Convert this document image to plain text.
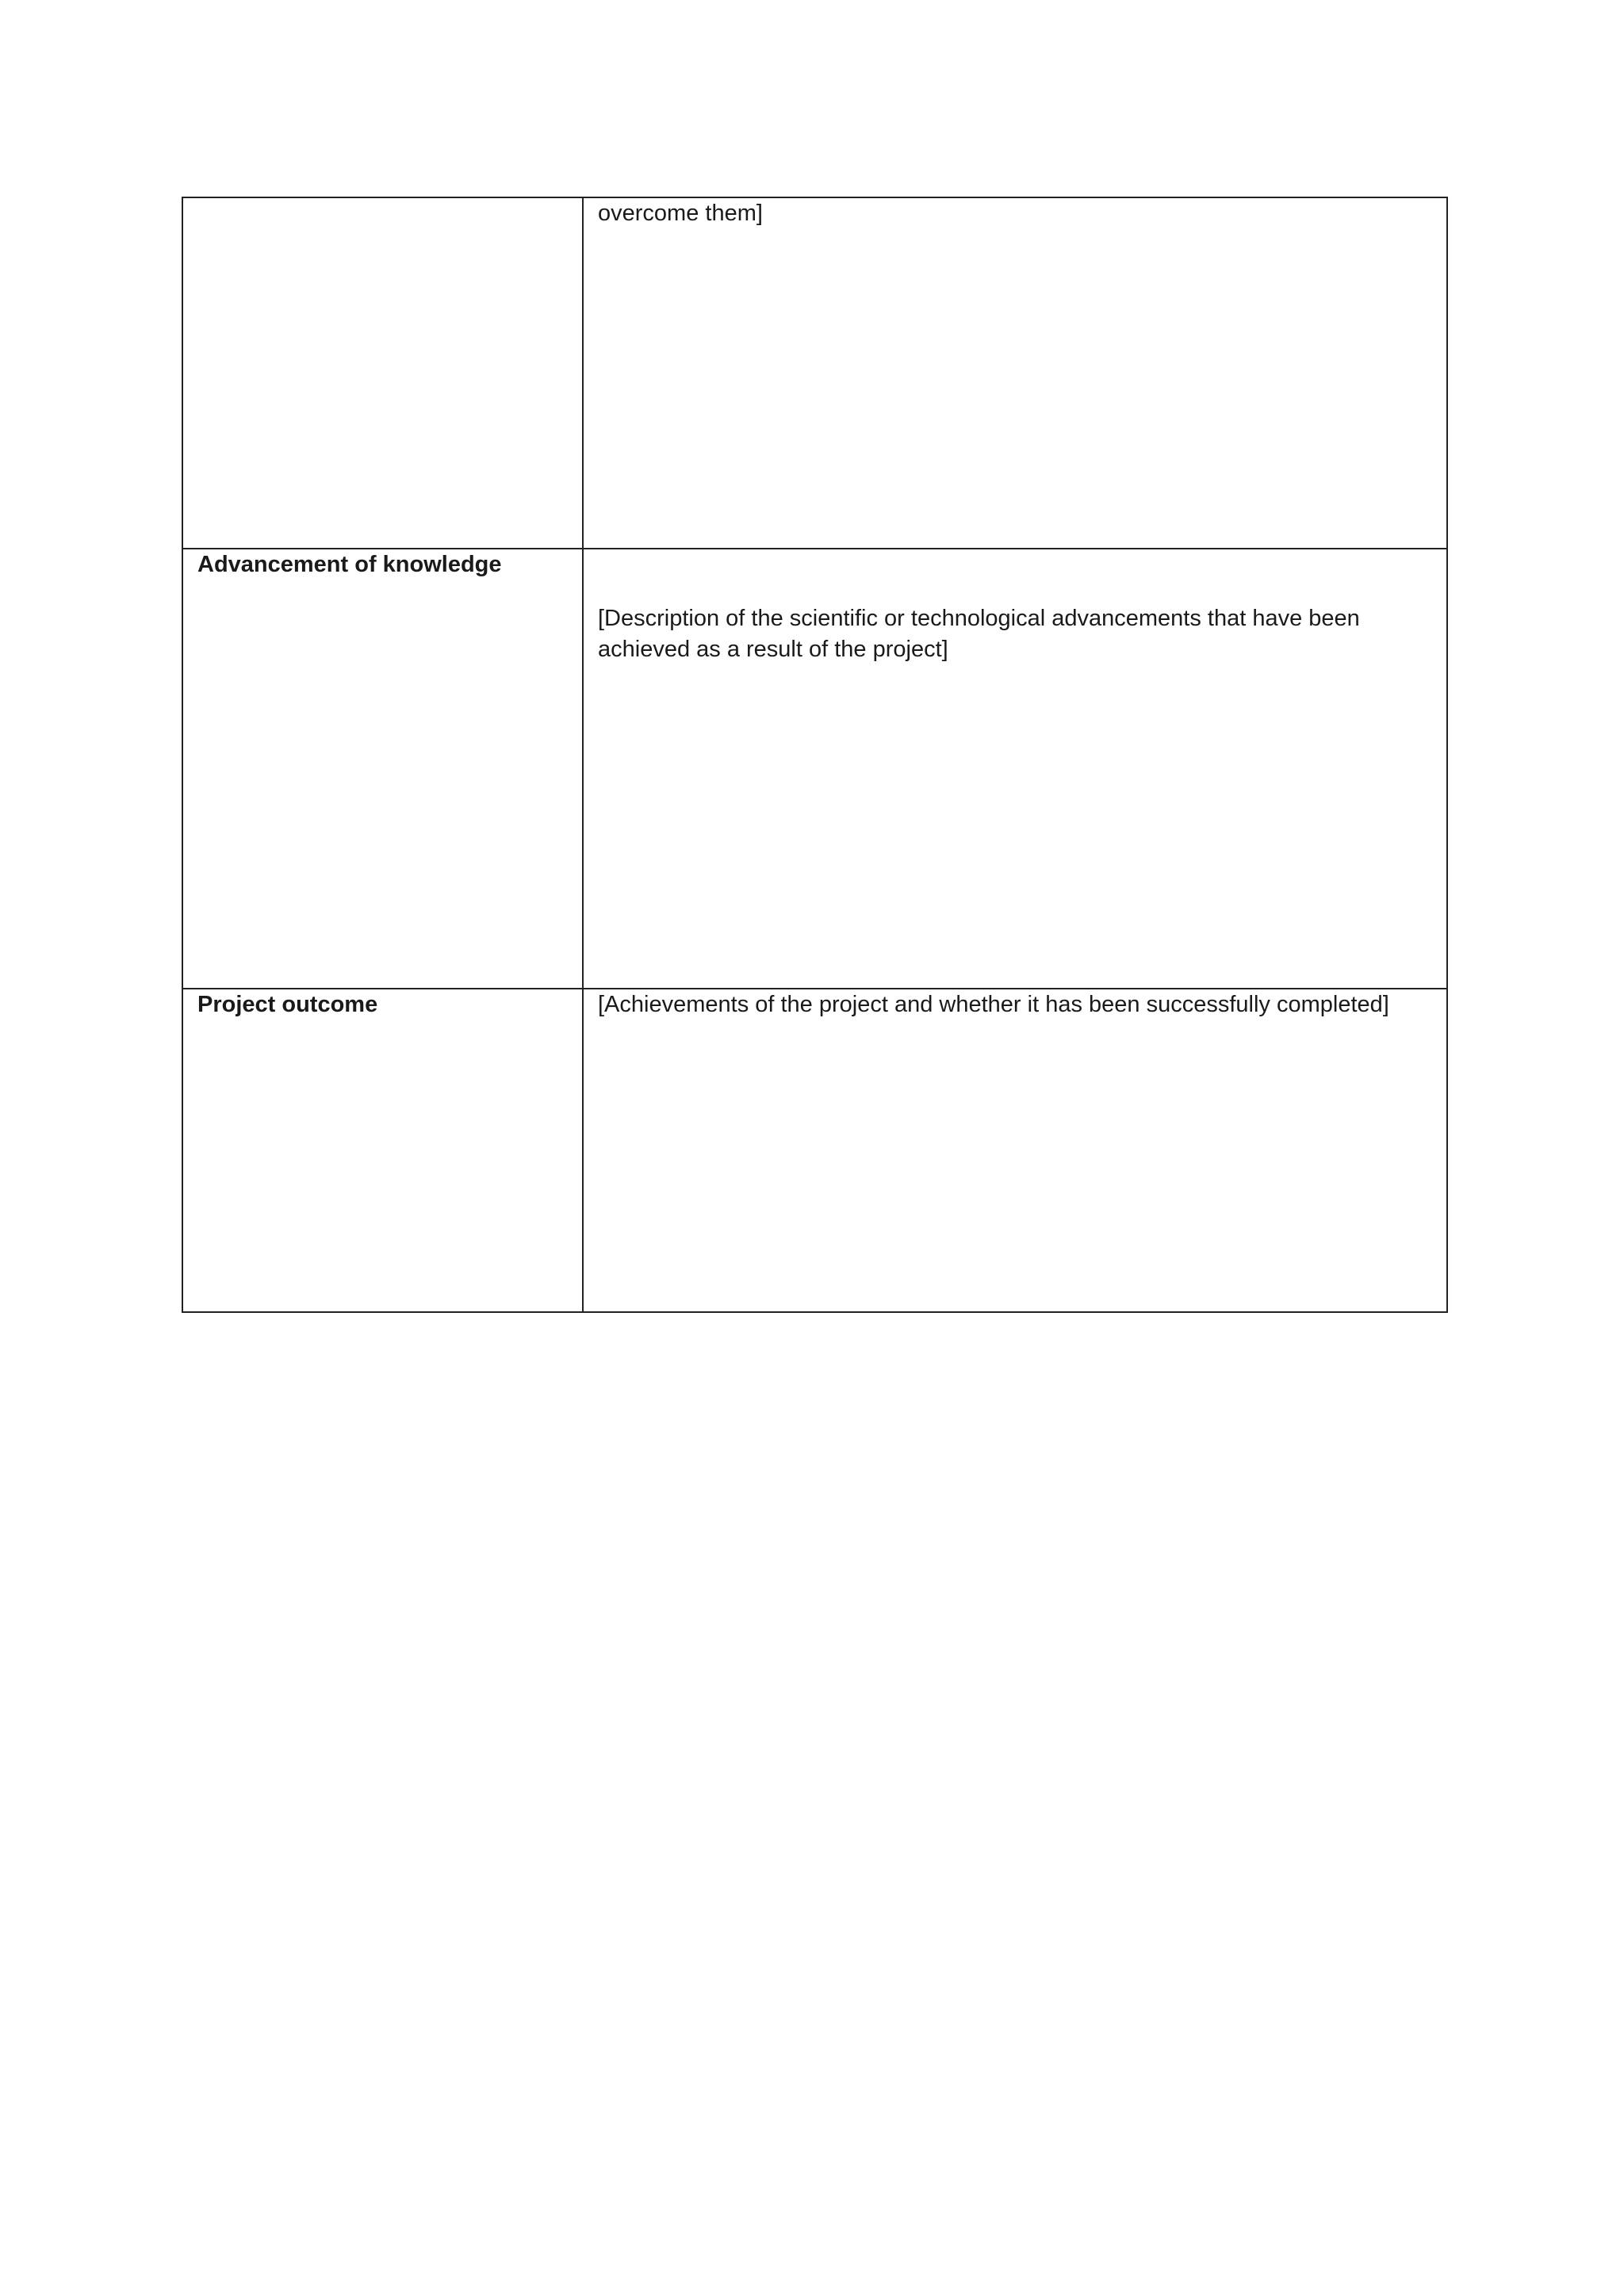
	overcome them]
Advancement of knowledge	[Description of the scientific or technological advancements that have been achieved as a result of the project]

Project outcome	[Achievements of the project and whether it has been successfully completed]
